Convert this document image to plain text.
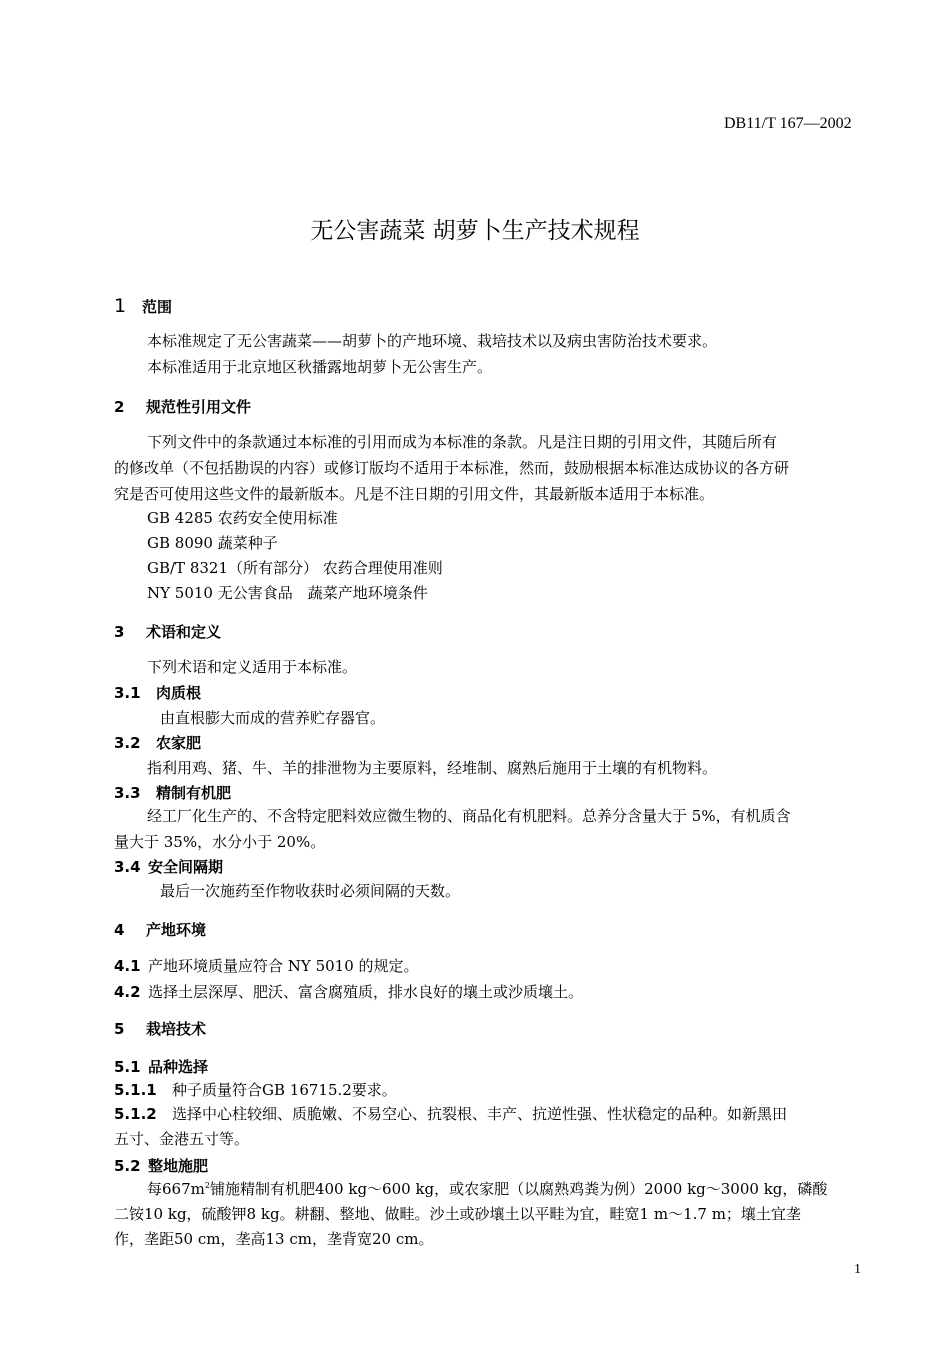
DB11/T 167—2002
无公害蔬菜 胡萝卜生产技术规程
1 范围
本标准规定了无公害蔬菜——胡萝卜的产地环境、栽培技术以及病虫害防治技术要求。
本标准适用于北京地区秋播露地胡萝卜无公害生产。
2 规范性引用文件
下列文件中的条款通过本标准的引用而成为本标准的条款。凡是注日期的引用文件，其随后所有
的修改单（不包括勘误的内容）或修订版均不适用于本标准，然而，鼓励根据本标准达成协议的各方研
究是否可使用这些文件的最新版本。凡是不注日期的引用文件，其最新版本适用于本标准。
GB 4285 农药安全使用标准
GB 8090 蔬菜种子
GB/T 8321（所有部分） 农药合理使用准则
NY 5010 无公害食品　蔬菜产地环境条件
3 术语和定义
下列术语和定义适用于本标准。
3.1 肉质根
由直根膨大而成的营养贮存器官。
3.2 农家肥
指利用鸡、猪、牛、羊的排泄物为主要原料，经堆制、腐熟后施用于土壤的有机物料。
3.3 精制有机肥
经工厂化生产的、不含特定肥料效应微生物的、商品化有机肥料。总养分含量大于 5%，有机质含
量大于 35%，水分小于 20%。
3.4 安全间隔期
最后一次施药至作物收获时必须间隔的天数。
4 产地环境
4.1 产地环境质量应符合 NY 5010 的规定。
4.2 选择土层深厚、肥沃、富含腐殖质，排水良好的壤土或沙质壤土。
5 栽培技术
5.1 品种选择
5.1.1 种子质量符合GB 16715.2要求。
5.1.2 选择中心柱较细、质脆嫩、不易空心、抗裂根、丰产、抗逆性强、性状稳定的品种。如新黑田
五寸、金港五寸等。
5.2 整地施肥
每$667m^2$铺施精制有机肥400 kg～600 kg，或农家肥（以腐熟鸡粪为例）2000 kg～3000 kg，磷酸
二铵10 kg，硫酸钾8 kg。耕翻、整地、做畦。沙土或砂壤土以平畦为宜，畦宽1 m～1.7 m；壤土宜垄
作，垄距50 cm，垄高13 cm，垄背宽20 cm。
1
